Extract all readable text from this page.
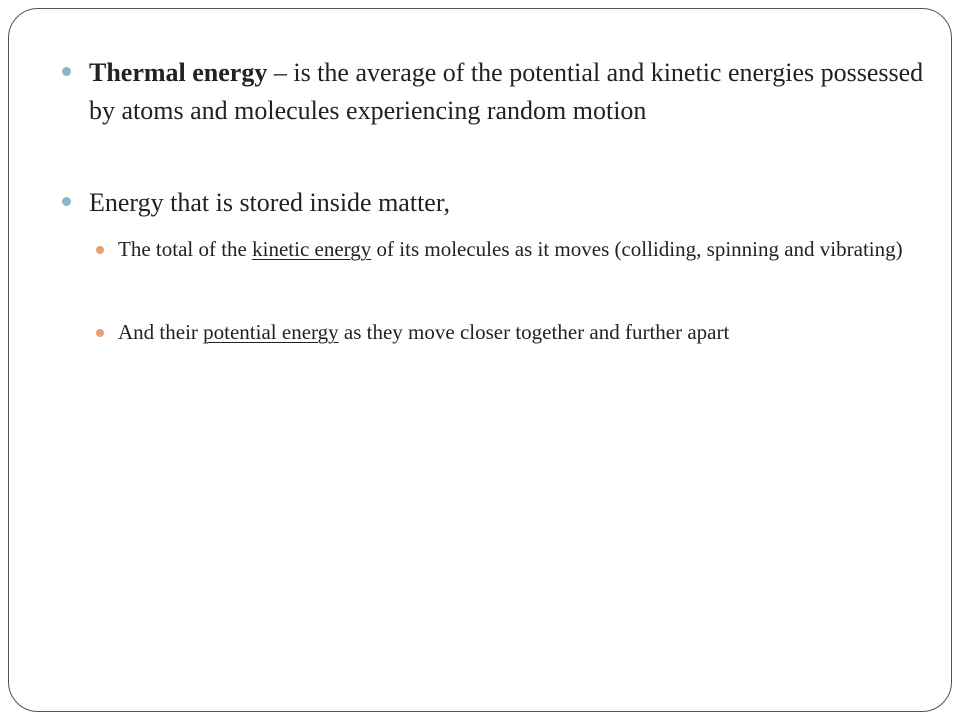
Thermal energy – is the average of the potential and kinetic energies possessed by atoms and molecules experiencing random motion
Energy that is stored inside matter,
The total of the kinetic energy of its molecules as it moves (colliding, spinning and vibrating)
And their potential energy as they move closer together and further apart
